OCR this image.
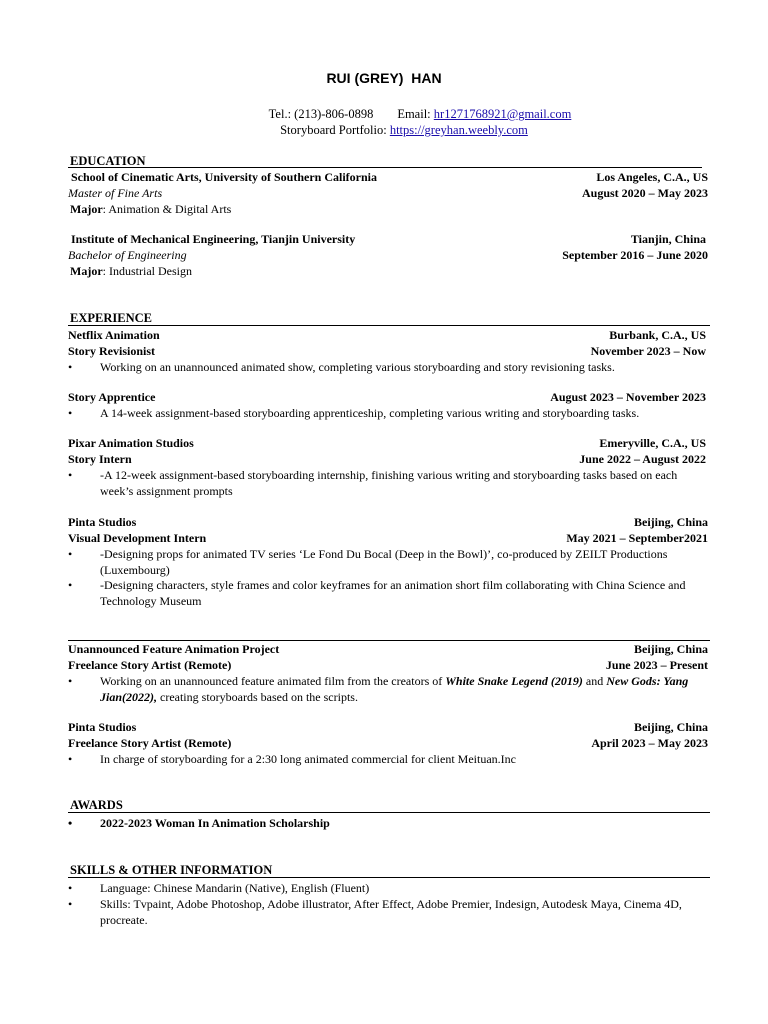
RUI (GREY)  HAN
Tel.: (213)-806-0898 Email: hr1271768921@gmail.com
Storyboard Portfolio: https://greyhan.weebly.com
EDUCATION
School of Cinematic Arts, University of Southern California	Los Angeles, C.A., US
Master of Fine Arts	August 2020 – May 2023
Major: Animation & Digital Arts
Institute of Mechanical Engineering, Tianjin University	Tianjin, China
Bachelor of Engineering	September 2016 – June 2020
Major: Industrial Design
EXPERIENCE
Netflix Animation	Burbank, C.A., US
Story Revisionist	November 2023 – Now
•	Working on an unannounced animated show, completing various storyboarding and story revisioning tasks.
Story Apprentice	August 2023 – November 2023
•	A 14-week assignment-based storyboarding apprenticeship, completing various writing and storyboarding tasks.
Pixar Animation Studios	Emeryville, C.A., US
Story Intern	June 2022 – August 2022
•	-A 12-week assignment-based storyboarding internship, finishing various writing and storyboarding tasks based on each week’s assignment prompts
Pinta Studios	Beijing, China
Visual Development Intern	May 2021 – September2021
•	-Designing props for animated TV series ‘Le Fond Du Bocal (Deep in the Bowl)’, co-produced by ZEILT Productions (Luxembourg)
•	-Designing characters, style frames and color keyframes for an animation short film collaborating with China Science and Technology Museum
Unannounced Feature Animation Project	Beijing, China
Freelance Story Artist (Remote)	June 2023 – Present
•	Working on an unannounced feature animated film from the creators of White Snake Legend (2019) and New Gods: Yang Jian(2022), creating storyboards based on the scripts.
Pinta Studios	Beijing, China
Freelance Story Artist (Remote)	April 2023 – May 2023
•	In charge of storyboarding for a 2:30 long animated commercial for client Meituan.Inc
AWARDS
•	2022-2023 Woman In Animation Scholarship
SKILLS & OTHER INFORMATION
•	Language: Chinese Mandarin (Native), English (Fluent)
•	Skills: Tvpaint, Adobe Photoshop, Adobe illustrator, After Effect, Adobe Premier, Indesign, Autodesk Maya, Cinema 4D, procreate.
